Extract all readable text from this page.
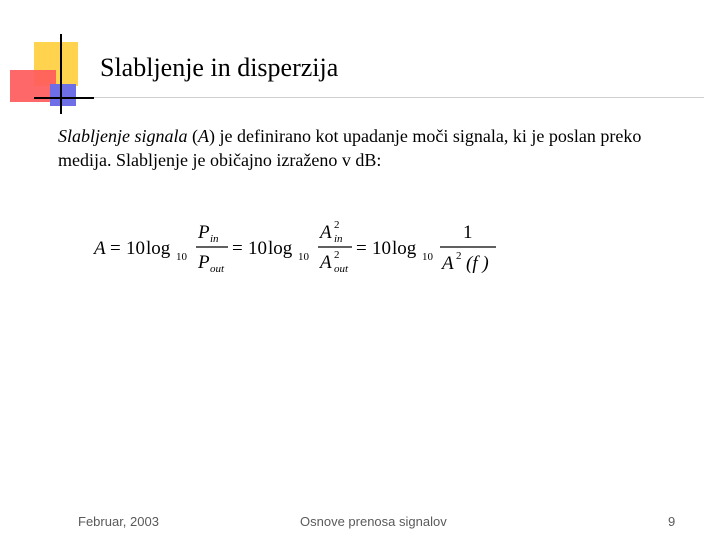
Slabljenje in disperzija
Slabljenje signala (A) je definirano kot upadanje moči signala, ki je poslan preko medija. Slabljenje je običajno izraženo v dB:
A = 10 log 10
P in
P out
= 10 log 10
A 2
in
A 2
out
= 10 log 10
1
A 2 (f )
Februar, 2003	Osnove prenosa signalov	9
